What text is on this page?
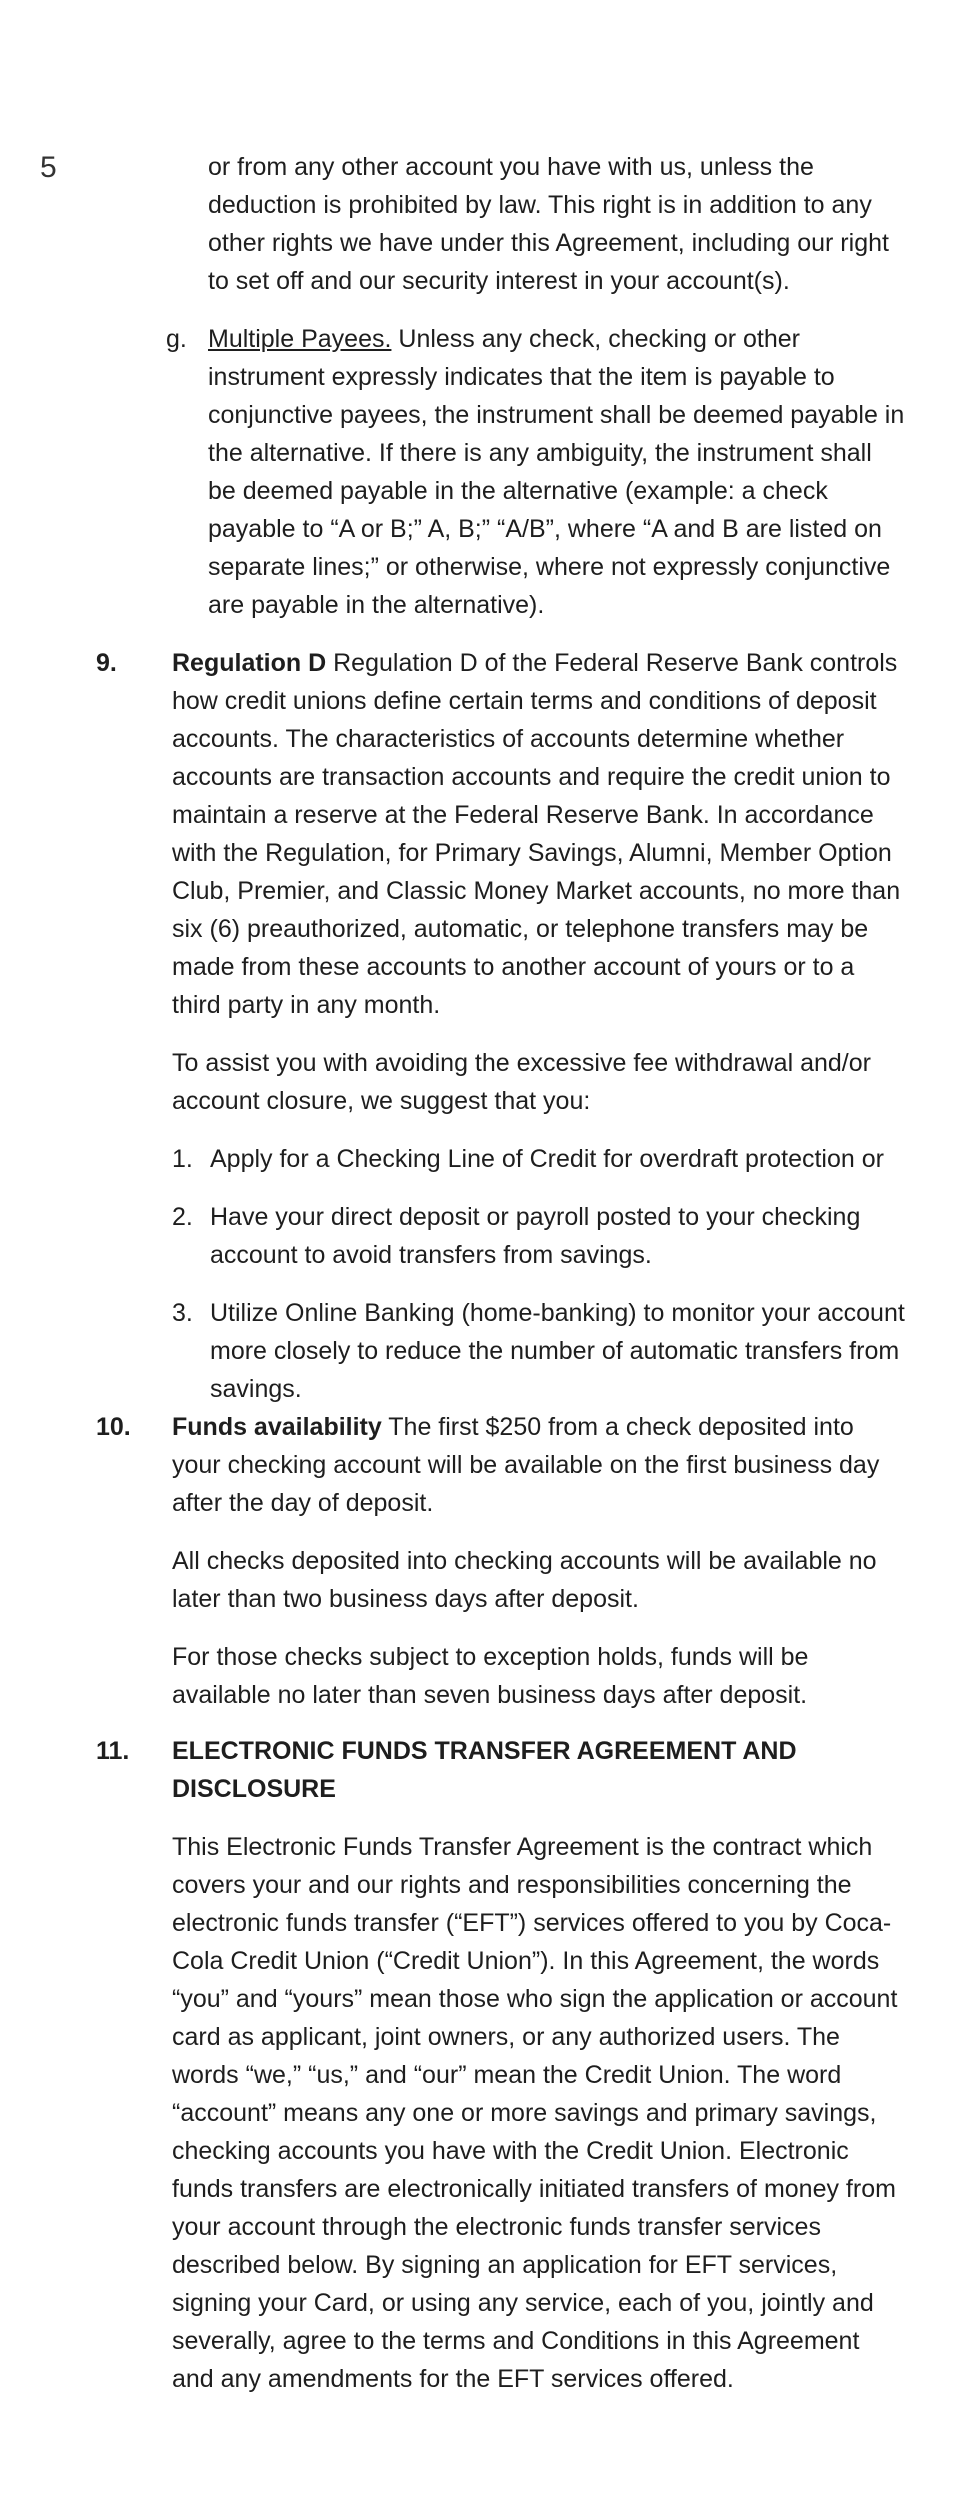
5	or from any other account you have with us, unless the deduction is prohibited by law. This right is in addition to any other rights we have under this Agreement, including our right to set off and our security interest in your account(s).

g. Multiple Payees. Unless any check, checking or other instrument expressly indicates that the item is payable to conjunctive payees, the instrument shall be deemed payable in the alternative. If there is any ambiguity, the instrument shall be deemed payable in the alternative (example: a check payable to “A or B;” A, B;” “A/B”, where “A and B are listed on separate lines;” or otherwise, where not expressly conjunctive are payable in the alternative).
9. Regulation D Regulation D of the Federal Reserve Bank controls how credit unions define certain terms and conditions of deposit accounts. The characteristics of accounts determine whether accounts are transaction accounts and require the credit union to maintain a reserve at the Federal Reserve Bank. In accordance with the Regulation, for Primary Savings, Alumni, Member Option Club, Premier, and Classic Money Market accounts, no more than six (6) preauthorized, automatic, or telephone transfers may be made from these accounts to another account of yours or to a third party in any month.

To assist you with avoiding the excessive fee withdrawal and/or account closure, we suggest that you:

1. Apply for a Checking Line of Credit for overdraft protection or
2. Have your direct deposit or payroll posted to your checking account to avoid transfers from savings.
3. Utilize Online Banking (home-banking) to monitor your account more closely to reduce the number of automatic transfers from savings.
10. Funds availability The first $250 from a check deposited into your checking account will be available on the first business day after the day of deposit.

All checks deposited into checking accounts will be available no later than two business days after deposit.

For those checks subject to exception holds, funds will be available no later than seven business days after deposit.

11. ELECTRONIC FUNDS TRANSFER AGREEMENT AND DISCLOSURE

This Electronic Funds Transfer Agreement is the contract which covers your and our rights and responsibilities concerning the electronic funds transfer (“EFT”) services offered to you by Coca-Cola Credit Union (“Credit Union”). In this Agreement, the words “you” and “yours” mean those who sign the application or account card as applicant, joint owners, or any authorized users. The words “we,” “us,” and “our” mean the Credit Union. The word “account” means any one or more savings and primary savings, checking accounts you have with the Credit Union. Electronic funds transfers are electronically initiated transfers of money from your account through the electronic funds transfer services described below. By signing an application for EFT services, signing your Card, or using any service, each of you, jointly and severally, agree to the terms and Conditions in this Agreement and any amendments for the EFT services offered.
